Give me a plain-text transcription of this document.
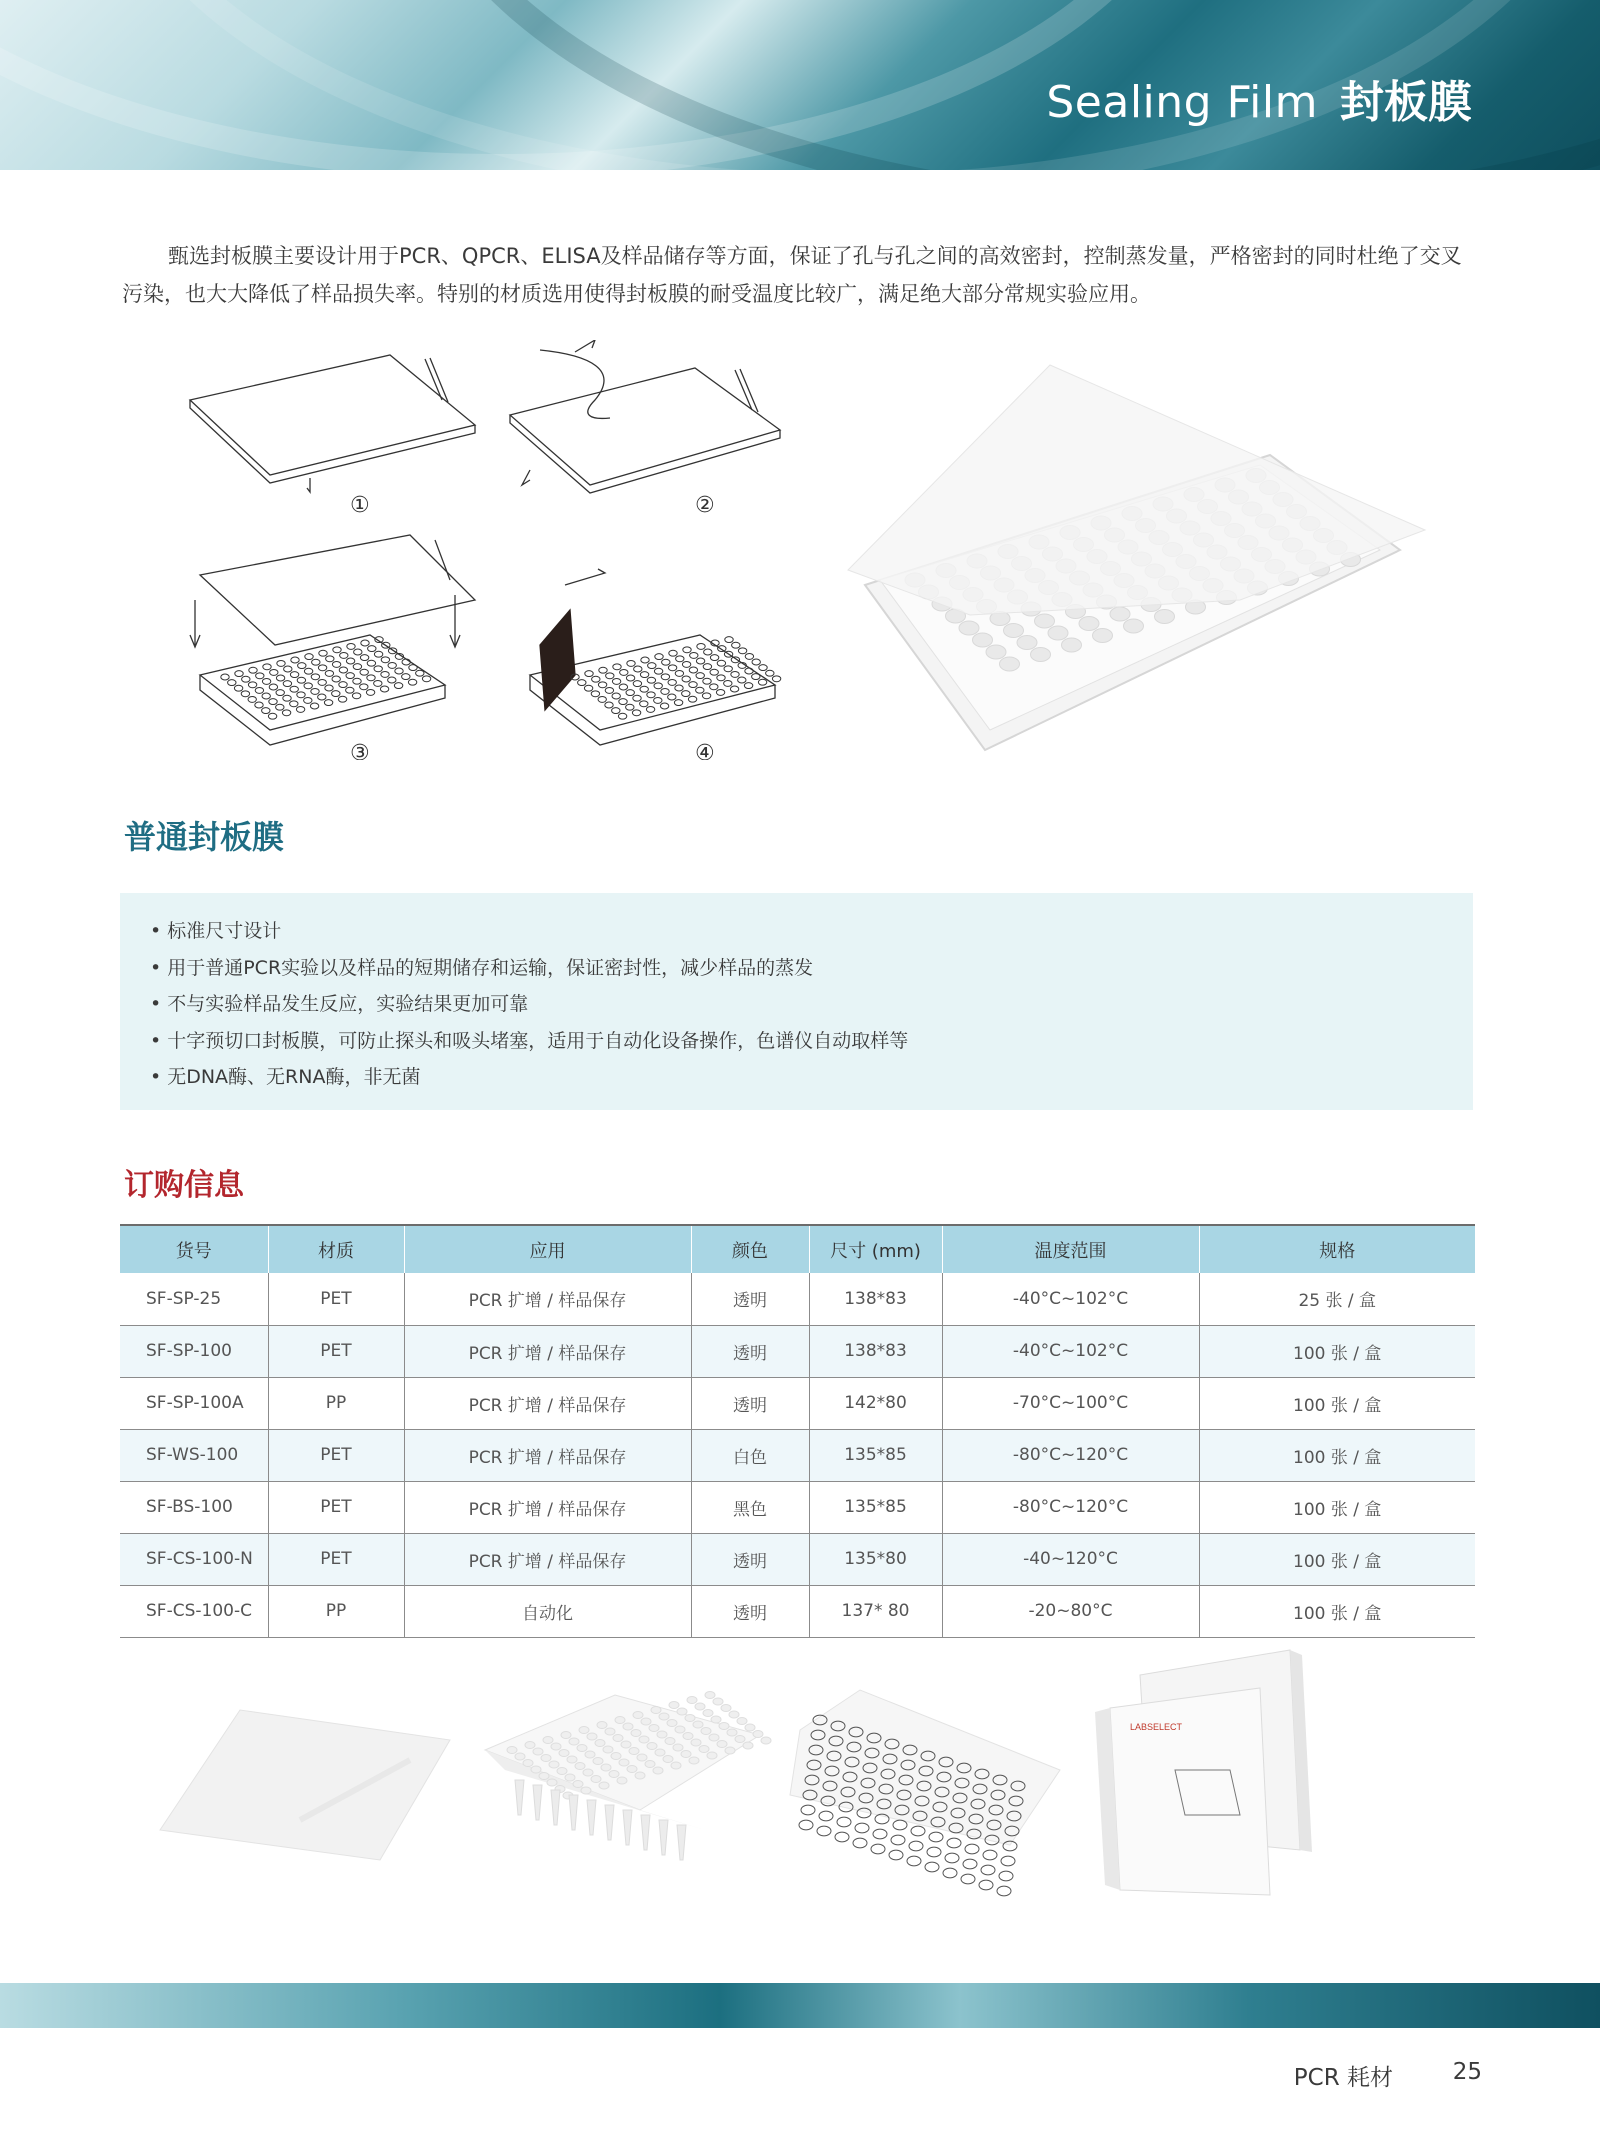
Sealing Film 封板膜

甄选封板膜主要设计用于PCR、QPCR、ELISA及样品储存等方面，保证了孔与孔之间的高效密封，控制蒸发量，严格密封的同时杜绝了交叉污染，也大大降低了样品损失率。特别的材质选用使得封板膜的耐受温度比较广，满足绝大部分常规实验应用。

①	②
③	④
普通封板膜
• 标准尺寸设计
• 用于普通PCR实验以及样品的短期储存和运输，保证密封性，减少样品的蒸发
• 不与实验样品发生反应，实验结果更加可靠
• 十字预切口封板膜，可防止探头和吸头堵塞，适用于自动化设备操作，色谱仪自动取样等
• 无DNA酶、无RNA酶，非无菌
订购信息
货号	材质	应用	颜色	尺寸 (mm)	温度范围	规格
SF-SP-25	PET	PCR 扩增 / 样品保存	透明	138*83	-40°C~102°C	25 张 / 盒
SF-SP-100	PET	PCR 扩增 / 样品保存	透明	138*83	-40°C~102°C	100 张 / 盒
SF-SP-100A	PP	PCR 扩增 / 样品保存	透明	142*80	-70°C~100°C	100 张 / 盒
SF-WS-100	PET	PCR 扩增 / 样品保存	白色	135*85	-80°C~120°C	100 张 / 盒
SF-BS-100	PET	PCR 扩增 / 样品保存	黑色	135*85	-80°C~120°C	100 张 / 盒
SF-CS-100-N	PET	PCR 扩增 / 样品保存	透明	135*80	-40~120°C	100 张 / 盒
SF-CS-100-C	PP	自动化	透明	137* 80	-20~80°C	100 张 / 盒
LABSELECT
PCR 耗材	25
